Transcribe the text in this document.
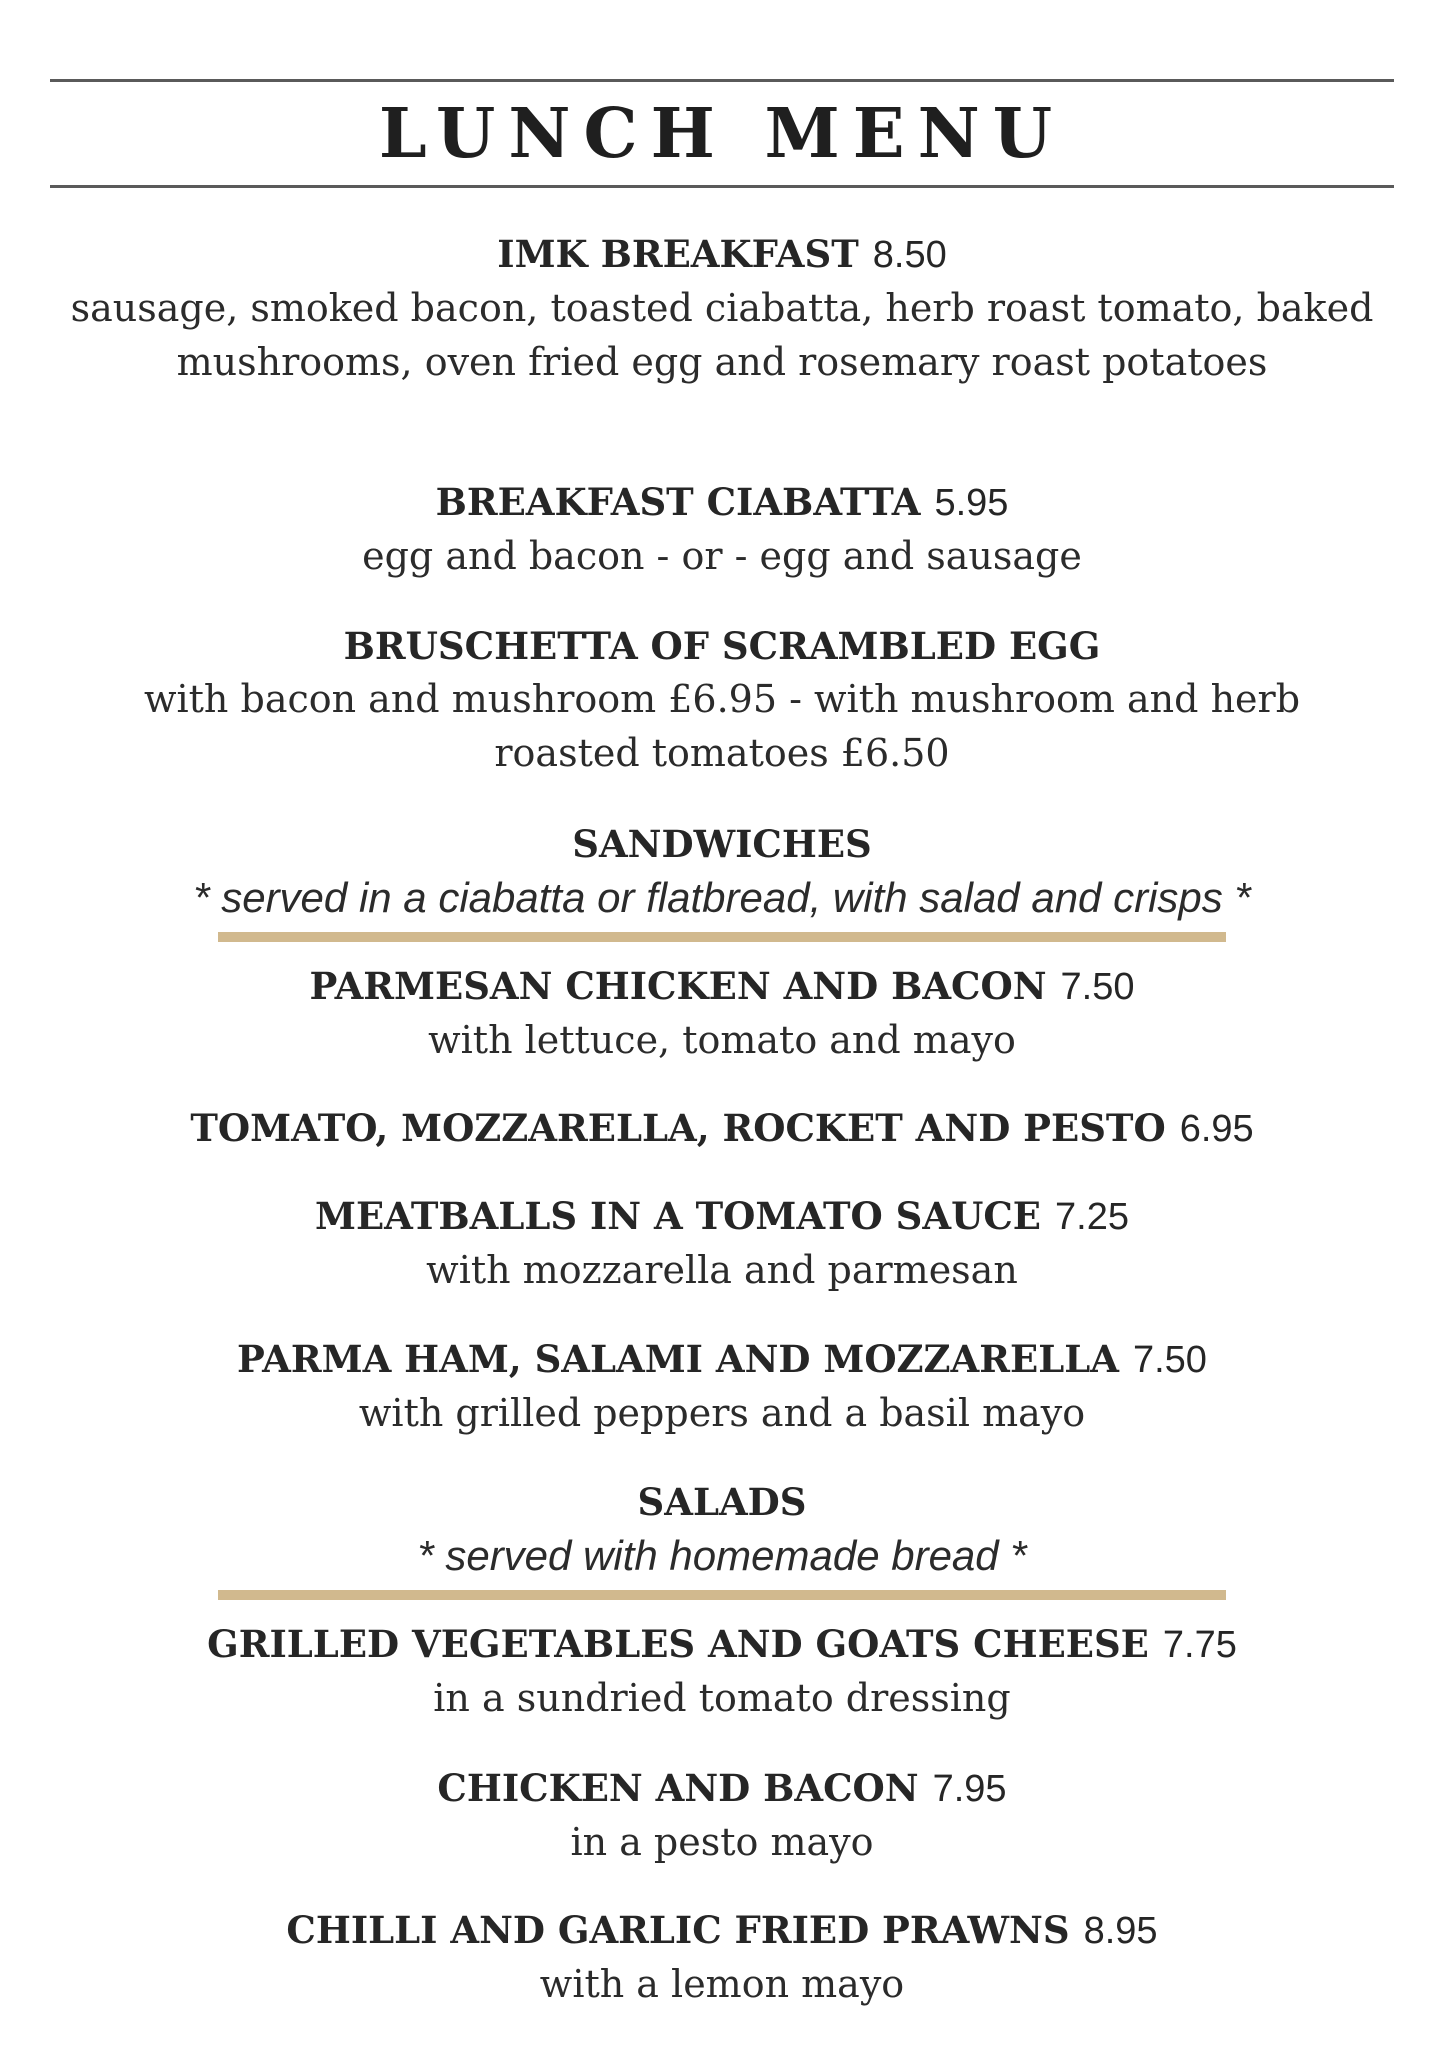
LUNCH MENU
IMK BREAKFAST 8.50
sausage, smoked bacon, toasted ciabatta, herb roast tomato, baked mushrooms, oven fried egg and rosemary roast potatoes
BREAKFAST CIABATTA 5.95
egg and bacon - or - egg and sausage
BRUSCHETTA OF SCRAMBLED EGG
with bacon and mushroom £6.95 - with mushroom and herb roasted tomatoes £6.50
SANDWICHES
* served in a ciabatta or flatbread, with salad and crisps *
PARMESAN CHICKEN AND BACON 7.50
with lettuce, tomato and mayo
TOMATO, MOZZARELLA, ROCKET AND PESTO 6.95
MEATBALLS IN A TOMATO SAUCE 7.25
with mozzarella and parmesan
PARMA HAM, SALAMI AND MOZZARELLA 7.50
with grilled peppers and a basil mayo
SALADS
* served with homemade bread *
GRILLED VEGETABLES AND GOATS CHEESE 7.75
in a sundried tomato dressing
CHICKEN AND BACON 7.95
in a pesto mayo
CHILLI AND GARLIC FRIED PRAWNS 8.95
with a lemon mayo
